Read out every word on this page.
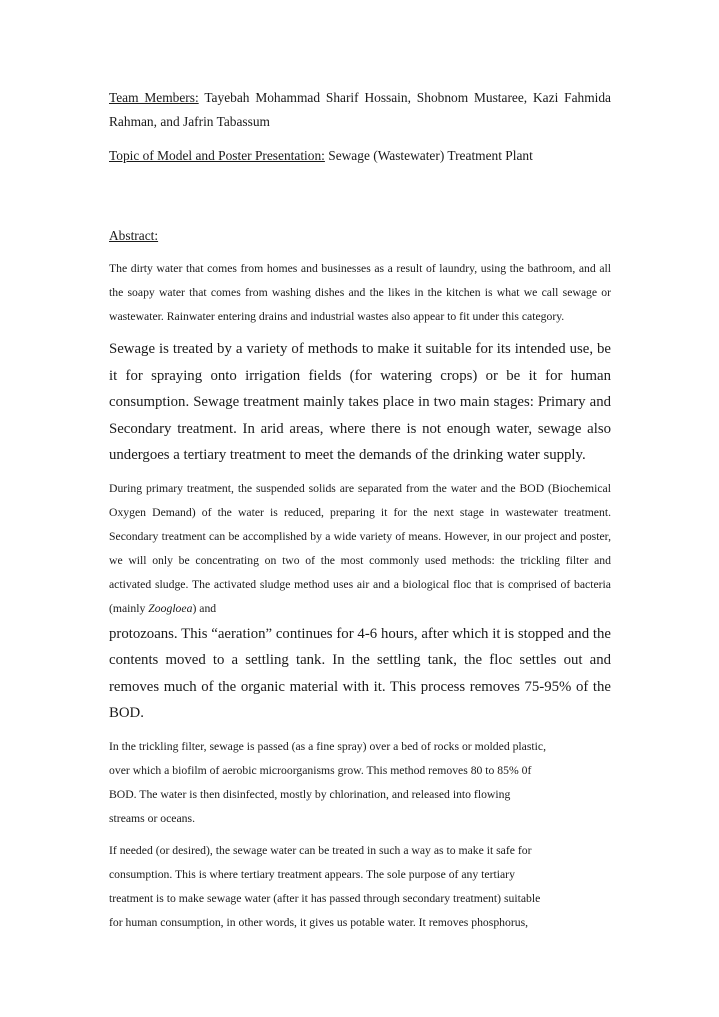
Team Members: Tayebah Mohammad Sharif Hossain, Shobnom Mustaree, Kazi Fahmida Rahman, and Jafrin Tabassum

Topic of Model and Poster Presentation: Sewage (Wastewater) Treatment Plant

Abstract:

The dirty water that comes from homes and businesses as a result of laundry, using the bathroom, and all the soapy water that comes from washing dishes and the likes in the kitchen is what we call sewage or wastewater. Rainwater entering drains and industrial wastes also appear to fit under this category.

Sewage is treated by a variety of methods to make it suitable for its intended use, be it for spraying onto irrigation fields (for watering crops) or be it for human consumption. Sewage treatment mainly takes place in two main stages: Primary and Secondary treatment. In arid areas, where there is not enough water, sewage also undergoes a tertiary treatment to meet the demands of the drinking water supply.

During primary treatment, the suspended solids are separated from the water and the BOD (Biochemical Oxygen Demand) of the water is reduced, preparing it for the next stage in wastewater treatment. Secondary treatment can be accomplished by a wide variety of means. However, in our project and poster, we will only be concentrating on two of the most commonly used methods: the trickling filter and activated sludge. The activated sludge method uses air and a biological floc that is comprised of bacteria (mainly Zoogloea) and

protozoans. This “aeration” continues for 4-6 hours, after which it is stopped and the contents moved to a settling tank. In the settling tank, the floc settles out and removes much of the organic material with it. This process removes 75-95% of the BOD.

In the trickling filter, sewage is passed (as a fine spray) over a bed of rocks or molded plastic,

over which a biofilm of aerobic microorganisms grow. This method removes 80 to 85% 0f

BOD. The water is then disinfected, mostly by chlorination, and released into flowing

streams or oceans.

If needed (or desired), the sewage water can be treated in such a way as to make it safe for

consumption. This is where tertiary treatment appears. The sole purpose of any tertiary

treatment is to make sewage water (after it has passed through secondary treatment) suitable

for human consumption, in other words, it gives us potable water. It removes phosphorus,
